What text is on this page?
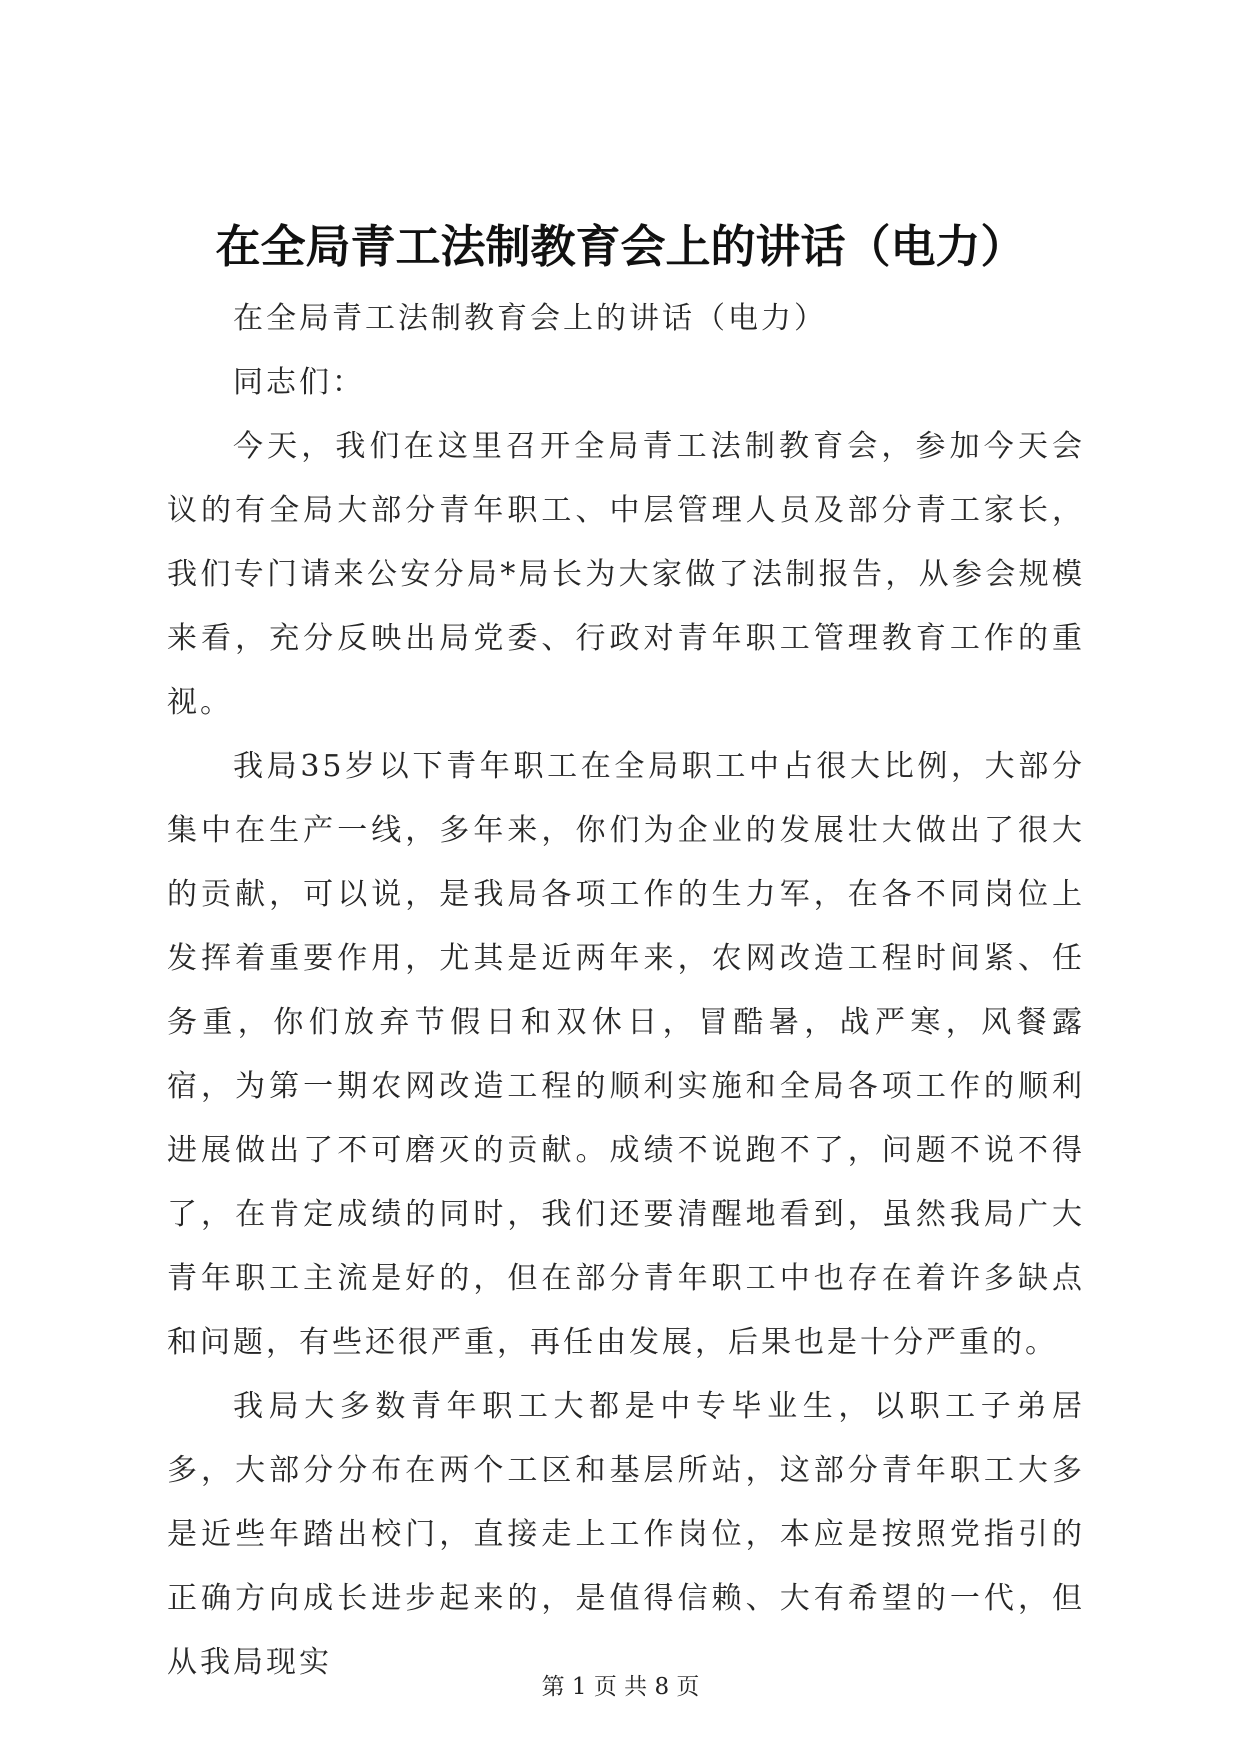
在全局青工法制教育会上的讲话（电力）

在全局青工法制教育会上的讲话（电力）

同志们：

今天，我们在这里召开全局青工法制教育会，参加今天会议的有全局大部分青年职工、中层管理人员及部分青工家长，我们专门请来公安分局*局长为大家做了法制报告，从参会规模来看，充分反映出局党委、行政对青年职工管理教育工作的重视。

我局35岁以下青年职工在全局职工中占很大比例，大部分集中在生产一线，多年来，你们为企业的发展壮大做出了很大的贡献，可以说，是我局各项工作的生力军，在各不同岗位上发挥着重要作用，尤其是近两年来，农网改造工程时间紧、任务重，你们放弃节假日和双休日，冒酷暑，战严寒，风餐露宿，为第一期农网改造工程的顺利实施和全局各项工作的顺利进展做出了不可磨灭的贡献。成绩不说跑不了，问题不说不得了，在肯定成绩的同时，我们还要清醒地看到，虽然我局广大青年职工主流是好的，但在部分青年职工中也存在着许多缺点和问题，有些还很严重，再任由发展，后果也是十分严重的。

我局大多数青年职工大都是中专毕业生，以职工子弟居多，大部分分布在两个工区和基层所站，这部分青年职工大多是近些年踏出校门，直接走上工作岗位，本应是按照党指引的正确方向成长进步起来的，是值得信赖、大有希望的一代，但从我局现实

第 1 页 共 8 页
